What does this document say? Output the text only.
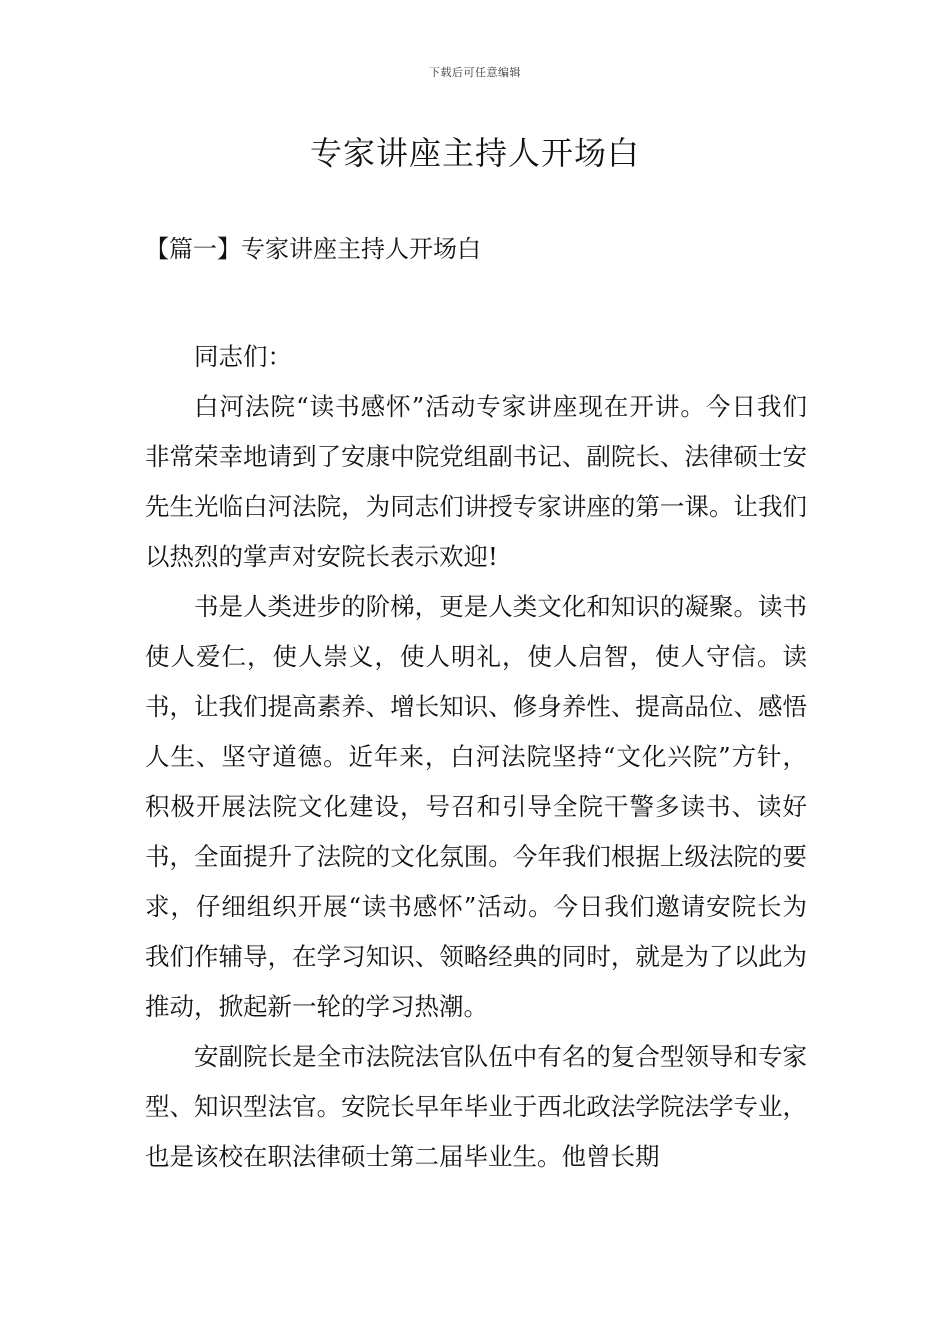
下载后可任意编辑
专家讲座主持人开场白
【篇一】专家讲座主持人开场白

同志们：

白河法院“读书感怀”活动专家讲座现在开讲。今日我们非常荣幸地请到了安康中院党组副书记、副院长、法律硕士安先生光临白河法院，为同志们讲授专家讲座的第一课。让我们以热烈的掌声对安院长表示欢迎!

书是人类进步的阶梯，更是人类文化和知识的凝聚。读书使人爱仁，使人崇义，使人明礼，使人启智，使人守信。读书，让我们提高素养、增长知识、修身养性、提高品位、感悟人生、坚守道德。近年来，白河法院坚持“文化兴院”方针，积极开展法院文化建设，号召和引导全院干警多读书、读好书，全面提升了法院的文化氛围。今年我们根据上级法院的要求，仔细组织开展“读书感怀”活动。今日我们邀请安院长为我们作辅导，在学习知识、领略经典的同时，就是为了以此为推动，掀起新一轮的学习热潮。

安副院长是全市法院法官队伍中有名的复合型领导和专家型、知识型法官。安院长早年毕业于西北政法学院法学专业，也是该校在职法律硕士第二届毕业生。他曾长期
